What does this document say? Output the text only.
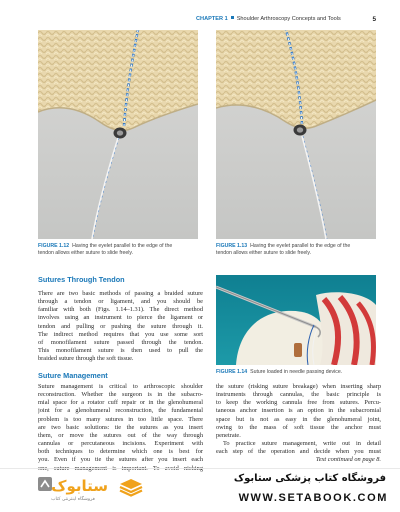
CHAPTER 1 Shoulder Arthroscopy Concepts and Tools	5
FIGURE 1.12 Having the eyelet parallel to the edge of the
tendon allows either suture to slide freely.
FIGURE 1.13 Having the eyelet parallel to the edge of the
tendon allows either suture to slide freely.
Sutures Through Tendon
There are two basic methods of passing a braided suture
through a tendon or ligament, and you should be
familiar with both (Figs. 1.14–1.31). The direct method
involves using an instrument to pierce the ligament or
tendon and pulling or pushing the suture through it.
The indirect method requires that you use some sort
of monofilament suture passed through the tendon.
This monofilament suture is then used to pull the
braided suture through the soft tissue.
FIGURE 1.14 Suture loaded in needle passing device.
Suture Management
Suture management is critical to arthroscopic shoulder
reconstruction. Whether the surgeon is in the subacro-
mial space for a rotator cuff repair or in the glenohumeral
joint for a glenohumeral reconstruction, the fundamental
problem is too many sutures in too little space. There
are two basic solutions: tie the sutures as you insert
them, or move the sutures out of the way through
cannulas or percutaneous incisions. Experiment with
both techniques to determine which one is best for
you. Even if you tie the sutures after you insert each
the suture (risking suture breakage) when inserting sharp
instruments through cannulas, the basic principle is
to keep the working cannula free from sutures. Percu-
taneous anchor insertion is an option in the subacromial
space but is not as easy in the glenohumeral joint,
owing to the mass of soft tissue the anchor must
penetrate.
To practice suture management, write out in detail
each step of the operation and decide when you must
Text continued on page 8.
ستابوک
فروشگاه اینترنتی کتاب
فروشگاه کتاب پزشکی ستابوک
WWW.SETABOOK.COM
